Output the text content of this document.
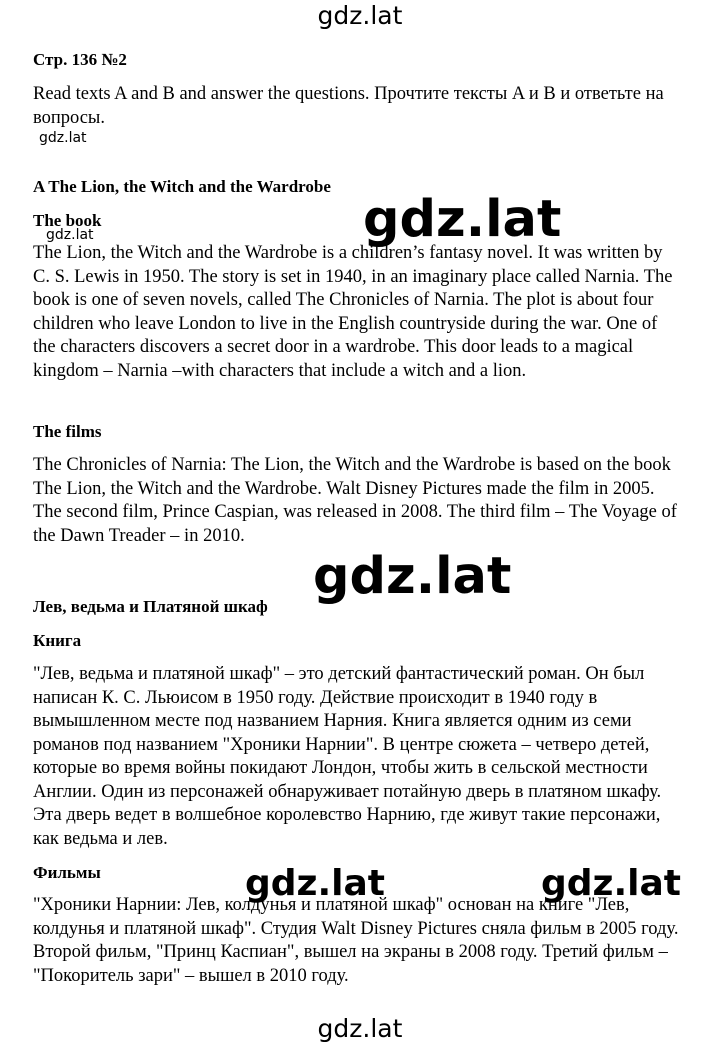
Стр. 136 №2

Read texts A and B and answer the questions. Прочтите тексты A и B и ответьте на вопросы.

A The Lion, the Witch and the Wardrobe
The book

The Lion, the Witch and the Wardrobe is a children’s fantasy novel. It was written by C. S. Lewis in 1950. The story is set in 1940, in an imaginary place called Narnia. The book is one of seven novels, called The Chronicles of Narnia. The plot is about four children who leave London to live in the English countryside during the war. One of the characters discovers a secret door in a wardrobe. This door leads to a magical kingdom – Narnia –with characters that include a witch and a lion.

The films

The Chronicles of Narnia: The Lion, the Witch and the Wardrobe is based on the book The Lion, the Witch and the Wardrobe. Walt Disney Pictures made the film in 2005. The second film, Prince Caspian, was released in 2008. The third film – The Voyage of the Dawn Treader – in 2010.

Лев, ведьма и Платяной шкаф
Книга

"Лев, ведьма и платяной шкаф" – это детский фантастический роман. Он был написан К. С. Льюисом в 1950 году. Действие происходит в 1940 году в вымышленном месте под названием Нарния. Книга является одним из семи романов под названием "Хроники Нарнии". В центре сюжета – четверо детей, которые во время войны покидают Лондон, чтобы жить в сельской местности Англии. Один из персонажей обнаруживает потайную дверь в платяном шкафу. Эта дверь ведет в волшебное королевство Нарнию, где живут такие персонажи, как ведьма и лев.

Фильмы

"Хроники Нарнии: Лев, колдунья и платяной шкаф" основан на книге "Лев, колдунья и платяной шкаф". Студия Walt Disney Pictures сняла фильм в 2005 году. Второй фильм, "Принц Каспиан", вышел на экраны в 2008 году. Третий фильм – "Покоритель зари" – вышел в 2010 году.

gdz.lat
gdz.lat
gdz.lat
gdz.lat
gdz.lat
gdz.lat	gdz.lat
gdz.lat
